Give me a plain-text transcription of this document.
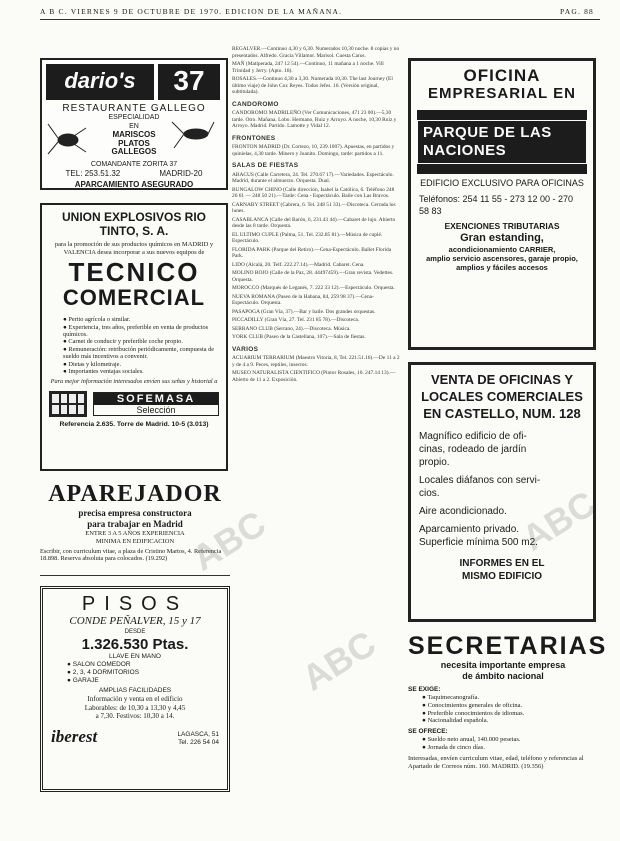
A B C. VIERNES 9 DE OCTUBRE DE 1970. EDICION DE LA MAÑANA.	PAG. 88
dario's	37
RESTAURANTE GALLEGO
ESPECIALIDAD
EN
MARISCOS
PLATOS
GALLEGOS
COMANDANTE ZORITA 37
TEL: 253.51.32	MADRID-20
APARCAMIENTO ASEGURADO
UNION EXPLOSIVOS RIO TINTO, S. A.
para la promoción de sus productos químicos en MADRID y VALENCIA desea incorporar a sus nuevos equipos de
TECNICO
COMERCIAL
● Perito agrícola o similar.
● Experiencia, tres años, preferible en venta de productos químicos.
● Carnet de conducir y preferible coche propio.
● Remuneración: retribución periódicamente, compuesta de sueldo más incentivos a convenir.
● Dietas y kilometraje.
● Importantes ventajas sociales.
Para mejor información interesados envíen sus señas y historial a
SOFEMASA
Selección
Referencia 2.635. Torre de Madrid. 10-5 (3.013)
APAREJADOR
precisa empresa constructora
para trabajar en Madrid
ENTRE 3 A 5 AÑOS EXPERIENCIA
MINIMA EN EDIFICACION
Escribir, con curriculum vitae, a plaza de Cristino Martos, 4. Referencia 18.898. Reserva absoluta para colocados. (19.292)
PISOS
CONDE PEÑALVER, 15 y 17
DESDE
1.326.530 Ptas.
LLAVE EN MANO
● SALON COMEDOR
● 2, 3, 4 DORMITORIOS
● GARAJE
AMPLIAS FACILIDADES
Información y venta en el edificio
Laborables: de 10,30 a 13,30 y 4,45
a 7,30. Festivos: 10,30 a 14.
iberest	LAGASCA, 51
Tel. 226 54 04

REGALVER.—Continuo 4,30 y 6,30. Numerados 10,30 noche. 8 copias y no presentados. Alfredo. Gracia Villamor. Marisol. Cuesta Caros.

MAÑ (Matiperada, 247 12 54).—Continuo, 11 mañana a 1 noche. Vill Trinidad y Jerry. (Apto. 18).

ROSALES.—Continuo 4,30 a 3,30. Numerada 10,30. The last Journey (El último viaje) de John Cox Reyes. Todos Jefes. 16. (Versión original, subtitulada).

CANDOROMO

CANDOROMO MADRILEÑO (Ver Comunicaciones, 471 23 00).—5,30 tarde. Otro. Mañana. Lobo. Hermano, Ruiz y Arroyo. A noche, 10,30 Ruiz y Arroyo. Madrid. Partido. Lamotte y Vidal 12.

FRONTONES

FRONTON MADRID (Dr. Cortezo, 10, 239.1007). Apuestas, en partidos y quinielas, 4,30 tarde. Minero y Juanito. Domingo, tarde: partidos a 11.

SALAS DE FIESTAS

ABACUS (Calle Carretera, 24. Tel. 270.67 17).—Variedades. Espectáculo. Madrid, durante el almuerzo. Orquesta. Dual.

BUNGALOW CHINO (Calle dirección, Isabel la Católica, 6. Teléfono 248 26 61 — 248 50 21).—Tarde: Cena - Espectáculo. Baile con Las Bravos.

CARNABY STREET (Cabrera, 6. Tel. 248 51 33).—Discoteca. Cerrada los lunes.

CASABLANCA (Calle del Barón, 6, 231.43 44).—Cabaret de lujo. Abierto desde las 8 tarde. Orquesta.

EL ULTIMO CUPLE (Palma, 51. Tel. 232.85 81).—Música de cuplé. Espectáculo.

FLORIDA PARK (Parque del Retiro).—Cena-Espectáculo. Ballet Florida Park.

LIDO (Alcalá, 20. Telf. 222.27.14).—Madrid. Cabaret. Cena.

MOLINO ROJO (Calle de la Paz, 28. 44497459).—Gran revista. Vedettes. Orquesta.

MOROCCO (Marqués de Leganés, 7. 222 33 12).—Espectáculo. Orquesta.

NUEVA ROMANA (Paseo de la Habana, 84, 259 98 37).—Cena-Espectáculo. Orquesta.

PASAPOGA (Gran Vía, 37).—Bar y baile. Dos grandes orquestas.

PICCADILLY (Gran Vía, 27. Tel. 231 85 78).—Discoteca.

SERRANO CLUB (Serrano, 24).—Discoteca. Música.

YORK CLUB (Paseo de la Castellana, 107).—Sala de fiestas.

VARIOS

ACUARIUM TERRARIUM (Maestro Vitoria, 8, Tel. 221.51.16).—De 11 a 2 y de 4 a 9. Peces, reptiles, insectos.

MUSEO NATURALISTA CIENTIFICO (Pintor Rosales, 10. 247.14 13).—Abierto de 11 a 2. Exposición.

OFICINA
EMPRESARIAL EN
PARQUE DE LAS NACIONES
EDIFICIO EXCLUSIVO PARA OFICINAS
Teléfonos: 254 11 55 - 273 12 00 - 270 58 83
EXENCIONES TRIBUTARIAS
Gran estanding,
acondicionamiento CARRIER,
amplio servicio ascensores, garaje propio, amplios y fáciles accesos
VENTA DE OFICINAS Y
LOCALES COMERCIALES
EN CASTELLO, NUM. 128
Magnífico edificio de ofi-
cinas, rodeado de jardín
propio.
Locales diáfanos con servi-
cios.
Aire acondicionado.
Aparcamiento privado.
Superficie mínima 500 m2.
INFORMES EN EL
MISMO EDIFICIO
SECRETARIAS
necesita importante empresa
de ámbito nacional
SE EXIGE:
● Taquimecanografía.
● Conocimientos generales de oficina.
● Preferible conocimientos de idiomas.
● Nacionalidad española.
SE OFRECE:
● Sueldo neto anual, 140.000 pesetas.
● Jornada de cinco días.
Interesadas, envíen curriculum vitae, edad, teléfono y referencias al Apartado de Correos núm. 160. MADRID. (19.356)
ABC
ABC
ABC
